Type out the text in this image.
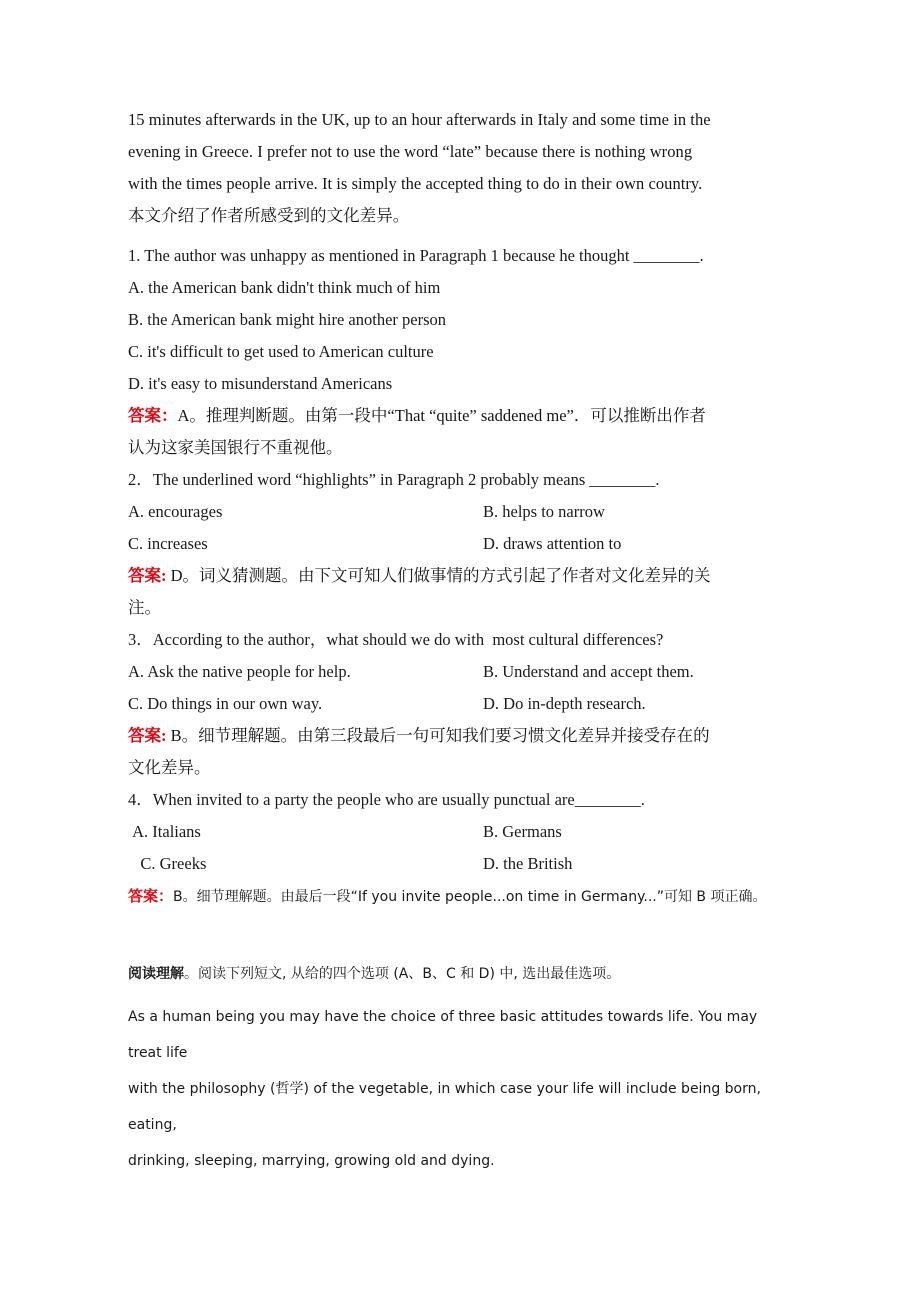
15 minutes afterwards in the UK, up to an hour afterwards in Italy and some time in the
evening in Greece. I prefer not to use the word “late” because there is nothing wrong
with the times people arrive. It is simply the accepted thing to do in their own country.
本文介绍了作者所感受到的文化差异。
1. The author was unhappy as mentioned in Paragraph 1 because he thought ________.
A. the American bank didn't think much of him
B. the American bank might hire another person
C. it's difficult to get used to American culture
D. it's easy to misunderstand Americans
答案：A。推理判断题。由第一段中“That “quite” saddened me”．可以推断出作者
认为这家美国银行不重视他。
2．The underlined word “highlights” in Paragraph 2 probably means ________.
A. encourages	B. helps to narrow
C. increases	D. draws attention to
答案: D。词义猜测题。由下文可知人们做事情的方式引起了作者对文化差异的关
注。
3．According to the author，what should we do with  most cultural differences?
A. Ask the native people for help.	B. Understand and accept them.
C. Do things in our own way.	D. Do in-depth research.
答案: B。细节理解题。由第三段最后一句可知我们要习惯文化差异并接受存在的
文化差异。
4．When invited to a party the people who are usually punctual are________.
A. Italians	B. Germans
C. Greeks	D. the British
答案：B。细节理解题。由最后一段“If you invite people...on time in Germany...”可知 B 项正确。
阅读理解。阅读下列短文, 从给的四个选项 (A、B、C 和 D) 中, 选出最佳选项。
As a human being you may have the choice of three basic attitudes towards life. You may treat life
with the philosophy (哲学) of the vegetable, in which case your life will include being born, eating,
drinking, sleeping, marrying, growing old and dying.
